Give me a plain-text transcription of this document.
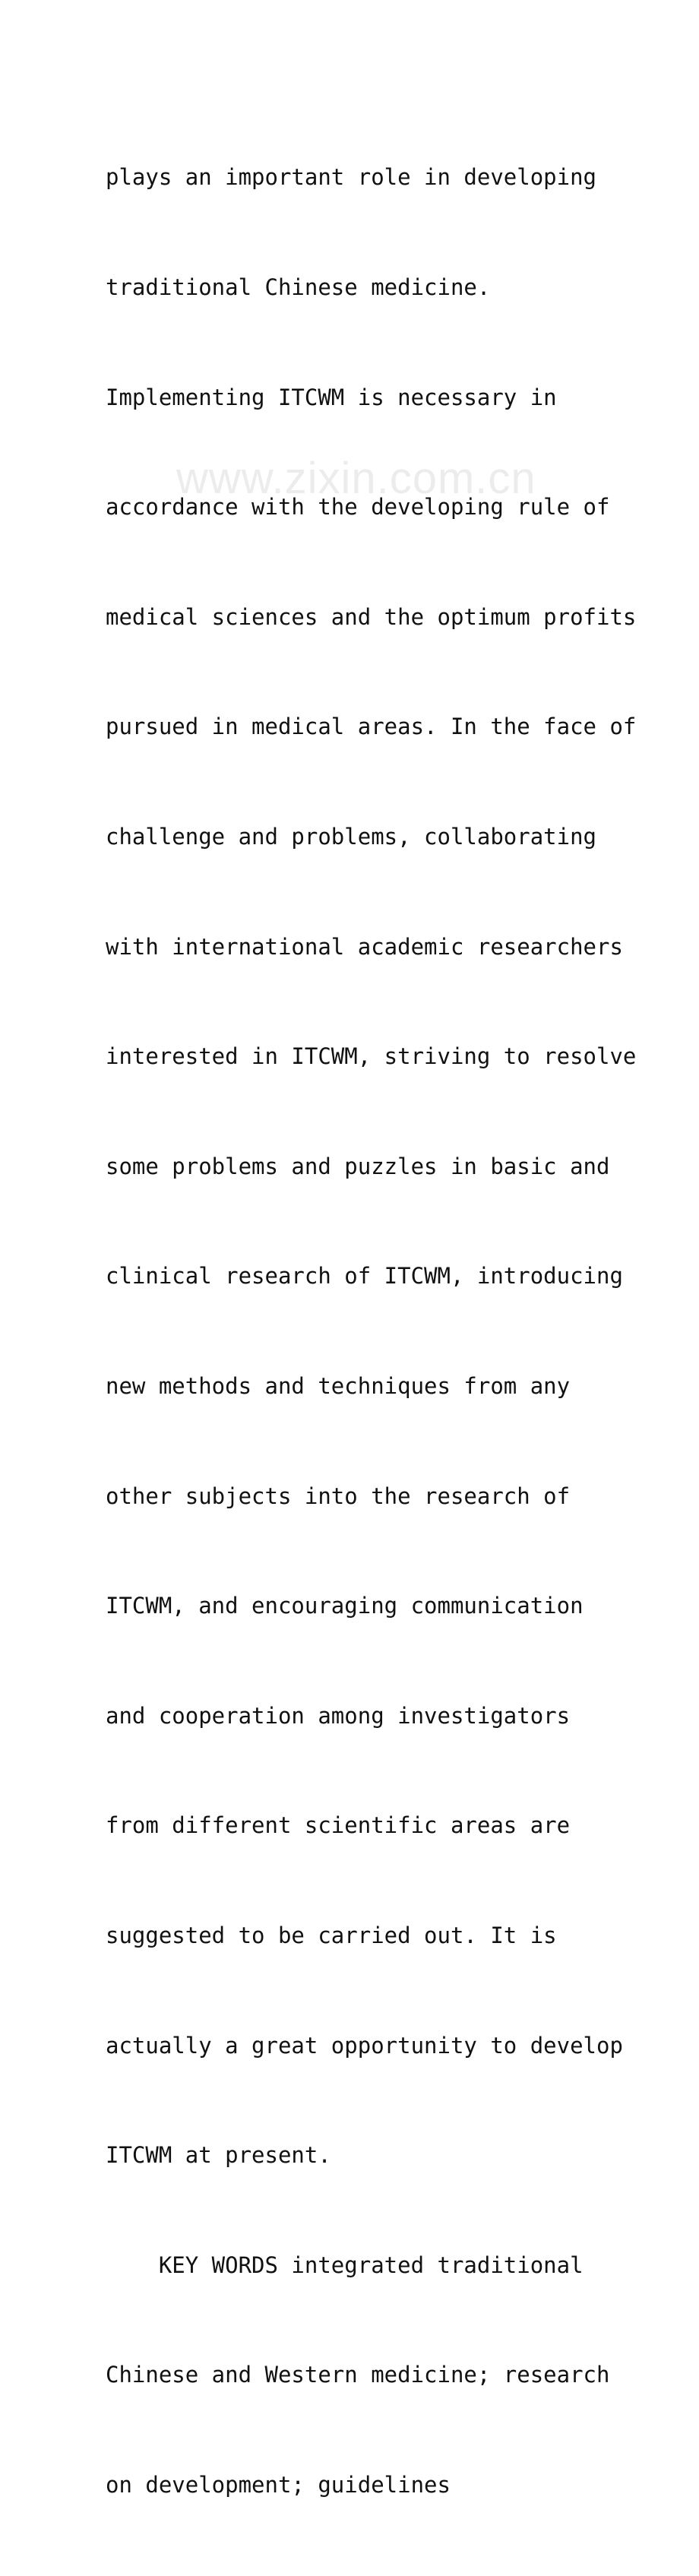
plays an important role in developing

traditional Chinese medicine.

Implementing ITCWM is necessary in

accordance with the developing rule of

medical sciences and the optimum profits

pursued in medical areas. In the face of

challenge and problems, collaborating

with international academic researchers

interested in ITCWM, striving to resolve

some problems and puzzles in basic and

clinical research of ITCWM, introducing

new methods and techniques from any

other subjects into the research of

ITCWM, and encouraging communication

and cooperation among investigators

from different scientific areas are

suggested to be carried out. It is

actually a great opportunity to develop

ITCWM at present.

KEY WORDS integrated traditional

Chinese and Western medicine; research

on development; guidelines

www.zixin.com.cn
